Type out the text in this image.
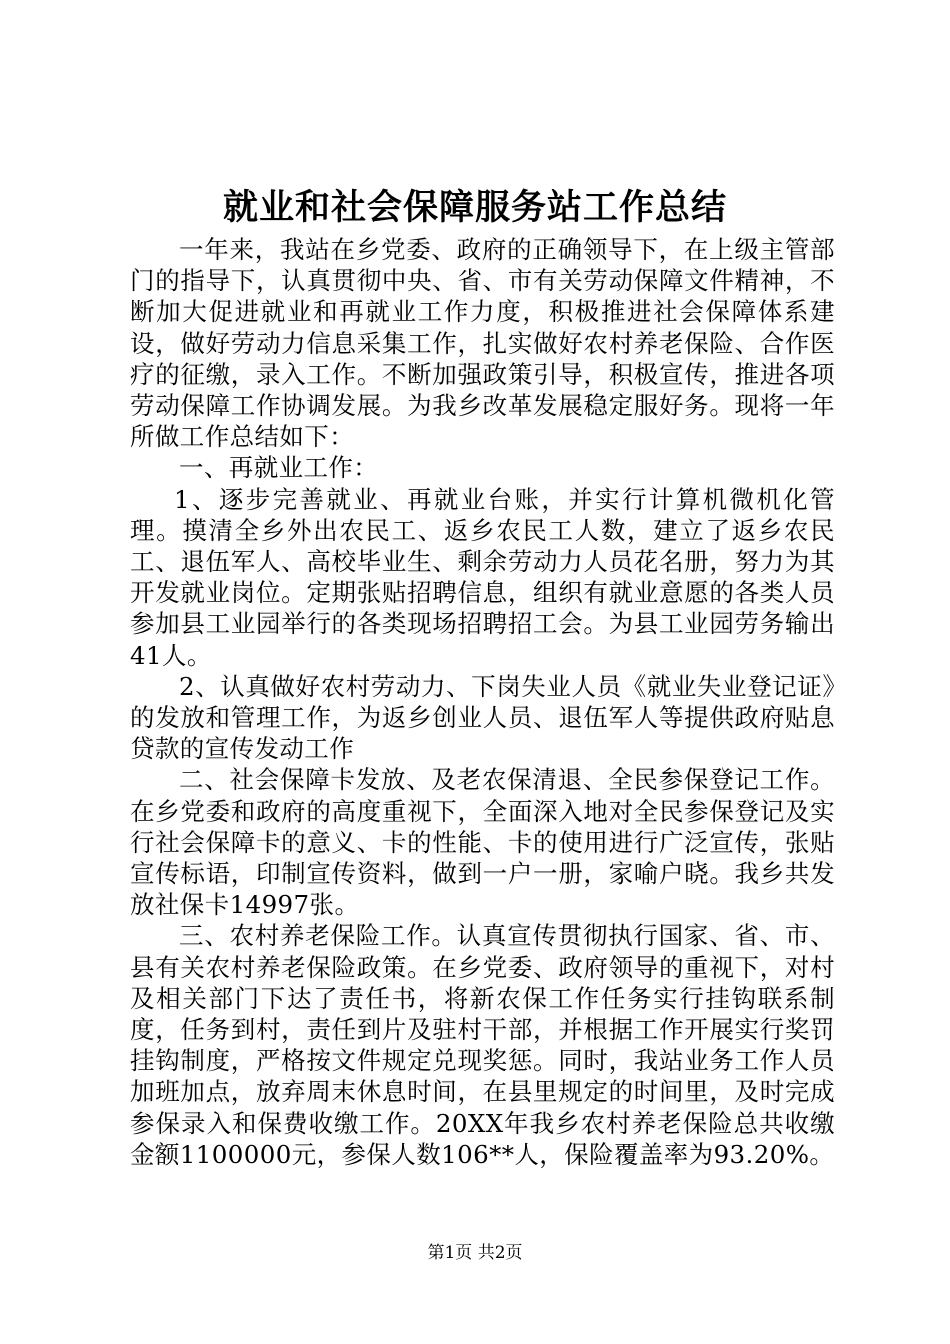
就业和社会保障服务站工作总结

一年来，我站在乡党委、政府的正确领导下，在上级主管部门的指导下，认真贯彻中央、省、市有关劳动保障文件精神，不断加大促进就业和再就业工作力度，积极推进社会保障体系建设，做好劳动力信息采集工作，扎实做好农村养老保险、合作医疗的征缴，录入工作。不断加强政策引导，积极宣传，推进各项劳动保障工作协调发展。为我乡改革发展稳定服好务。现将一年所做工作总结如下：

一、再就业工作：

1、逐步完善就业、再就业台账，并实行计算机微机化管理。摸清全乡外出农民工、返乡农民工人数，建立了返乡农民工、退伍军人、高校毕业生、剩余劳动力人员花名册，努力为其开发就业岗位。定期张贴招聘信息，组织有就业意愿的各类人员参加县工业园举行的各类现场招聘招工会。为县工业园劳务输出41人。

2、认真做好农村劳动力、下岗失业人员《就业失业登记证》的发放和管理工作，为返乡创业人员、退伍军人等提供政府贴息贷款的宣传发动工作

二、社会保障卡发放、及老农保清退、全民参保登记工作。在乡党委和政府的高度重视下，全面深入地对全民参保登记及实行社会保障卡的意义、卡的性能、卡的使用进行广泛宣传，张贴宣传标语，印制宣传资料，做到一户一册，家喻户晓。我乡共发放社保卡14997张。

三、农村养老保险工作。认真宣传贯彻执行国家、省、市、县有关农村养老保险政策。在乡党委、政府领导的重视下，对村及相关部门下达了责任书，将新农保工作任务实行挂钩联系制度，任务到村，责任到片及驻村干部，并根据工作开展实行奖罚挂钩制度，严格按文件规定兑现奖惩。同时，我站业务工作人员加班加点，放弃周末休息时间，在县里规定的时间里，及时完成参保录入和保费收缴工作。20XX年我乡农村养老保险总共收缴金额1100000元，参保人数106**人，保险覆盖率为93.20%。

第1页 共2页
